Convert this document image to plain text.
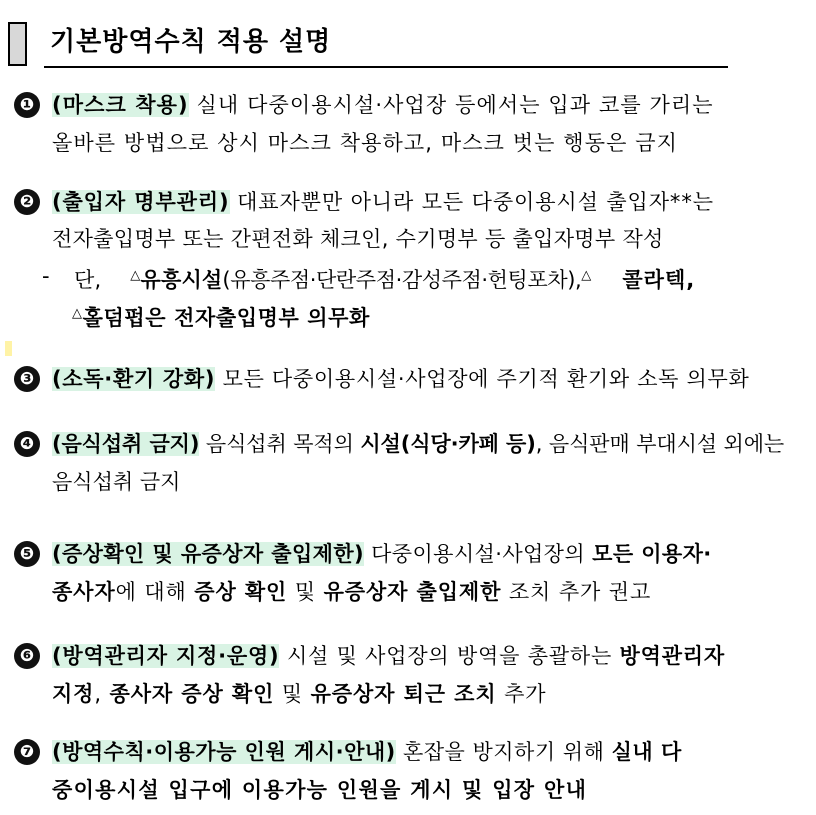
기본방역수칙 적용 설명
❶ (마스크 착용) 실내 다중이용시설·사업장 등에서는 입과 코를 가리는
올바른 방법으로 상시 마스크 착용하고, 마스크 벗는 행동은 금지
❷ (출입자 명부관리) 대표자뿐만 아니라 모든 다중이용시설 출입자**는
전자출입명부 또는 간편전화 체크인, 수기명부 등 출입자명부 작성
- 단, △유흥시설(유흥주점·단란주점·감성주점·헌팅포차),△ 콜라텍,
△홀덤펍은 전자출입명부 의무화
❸ (소독·환기 강화) 모든 다중이용시설·사업장에 주기적 환기와 소독 의무화
❹ (음식섭취 금지) 음식섭취 목적의 시설(식당·카페 등), 음식판매 부대시설 외에는
음식섭취 금지
❺ (증상확인 및 유증상자 출입제한) 다중이용시설·사업장의 모든 이용자·
종사자에 대해 증상 확인 및 유증상자 출입제한 조치 추가 권고
❻ (방역관리자 지정·운영) 시설 및 사업장의 방역을 총괄하는 방역관리자
지정, 종사자 증상 확인 및 유증상자 퇴근 조치 추가
❼ (방역수칙·이용가능 인원 게시·안내) 혼잡을 방지하기 위해 실내 다
중이용시설 입구에 이용가능 인원을 게시 및 입장 안내
